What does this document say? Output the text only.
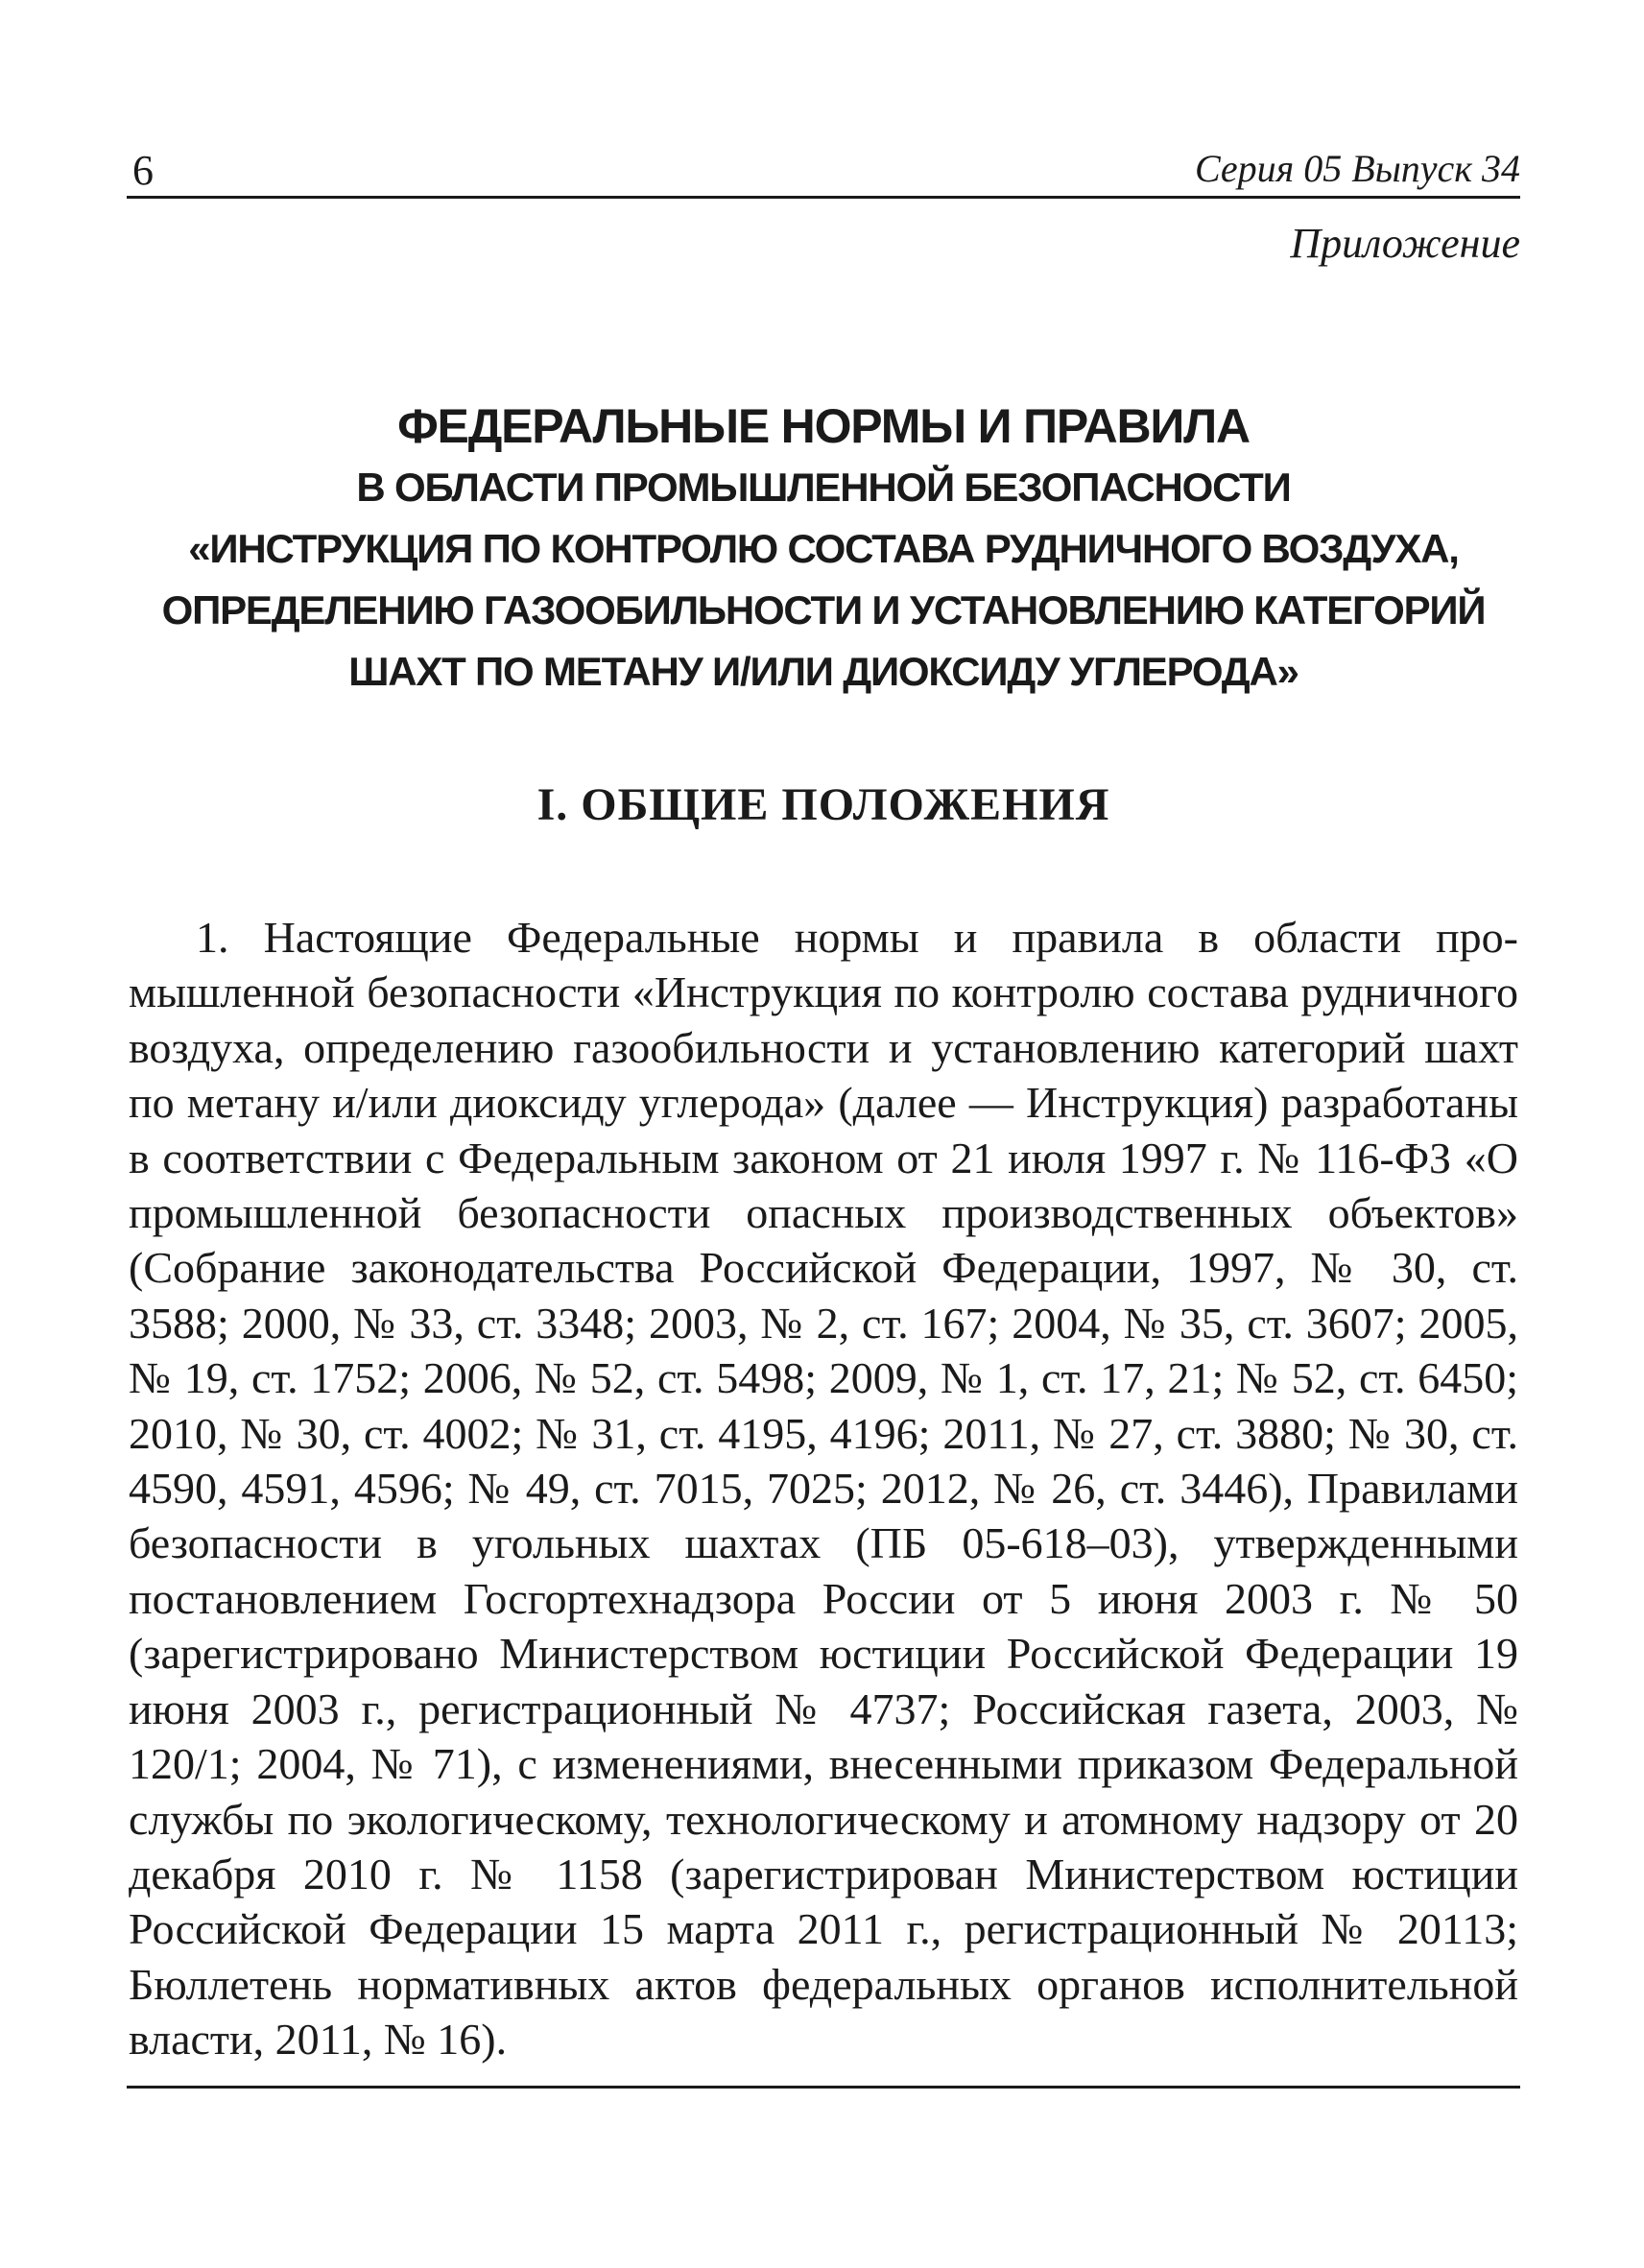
6	Серия 05 Выпуск 34
Приложение
ФЕДЕРАЛЬНЫЕ НОРМЫ И ПРАВИЛА
В ОБЛАСТИ ПРОМЫШЛЕННОЙ БЕЗОПАСНОСТИ
«ИНСТРУКЦИЯ ПО КОНТРОЛЮ СОСТАВА РУДНИЧНОГО ВОЗДУХА,
ОПРЕДЕЛЕНИЮ ГАЗООБИЛЬНОСТИ И УСТАНОВЛЕНИЮ КАТЕГОРИЙ
ШАХТ ПО МЕТАНУ И/ИЛИ ДИОКСИДУ УГЛЕРОДА»
I. ОБЩИЕ ПОЛОЖЕНИЯ

1. Настоящие Федеральные нормы и правила в области промышленной безопасности «Инструкция по контролю состава рудничного воздуха, определению газообильности и установлению категорий шахт по метану и/или диоксиду углерода» (далее — Инструкция) разработаны в соответствии с Федеральным законом от 21 июля 1997 г. № 116-ФЗ «О промышленной безопасности опасных производственных объектов» (Собрание законодательства Российской Федерации, 1997, № 30, ст. 3588; 2000, № 33, ст. 3348; 2003, № 2, ст. 167; 2004, № 35, ст. 3607; 2005, № 19, ст. 1752; 2006, № 52, ст. 5498; 2009, № 1, ст. 17, 21; № 52, ст. 6450; 2010, № 30, ст. 4002; № 31, ст. 4195, 4196; 2011, № 27, ст. 3880; № 30, ст. 4590, 4591, 4596; № 49, ст. 7015, 7025; 2012, № 26, ст. 3446), Правилами безопасности в угольных шахтах (ПБ 05-618–03), утвержденными постановлением Госгортехнадзора России от 5 июня 2003 г. № 50 (зарегистрировано Министерством юстиции Российской Федерации 19 июня 2003 г., регистрационный № 4737; Российская газета, 2003, № 120/1; 2004, № 71), с изменениями, внесенными приказом Федеральной службы по экологическому, технологическому и атомному надзору от 20 декабря 2010 г. № 1158 (зарегистрирован Министерством юстиции Российской Федерации 15 марта 2011 г., регистрационный № 20113; Бюллетень нормативных актов федеральных органов исполнительной власти, 2011, № 16).
